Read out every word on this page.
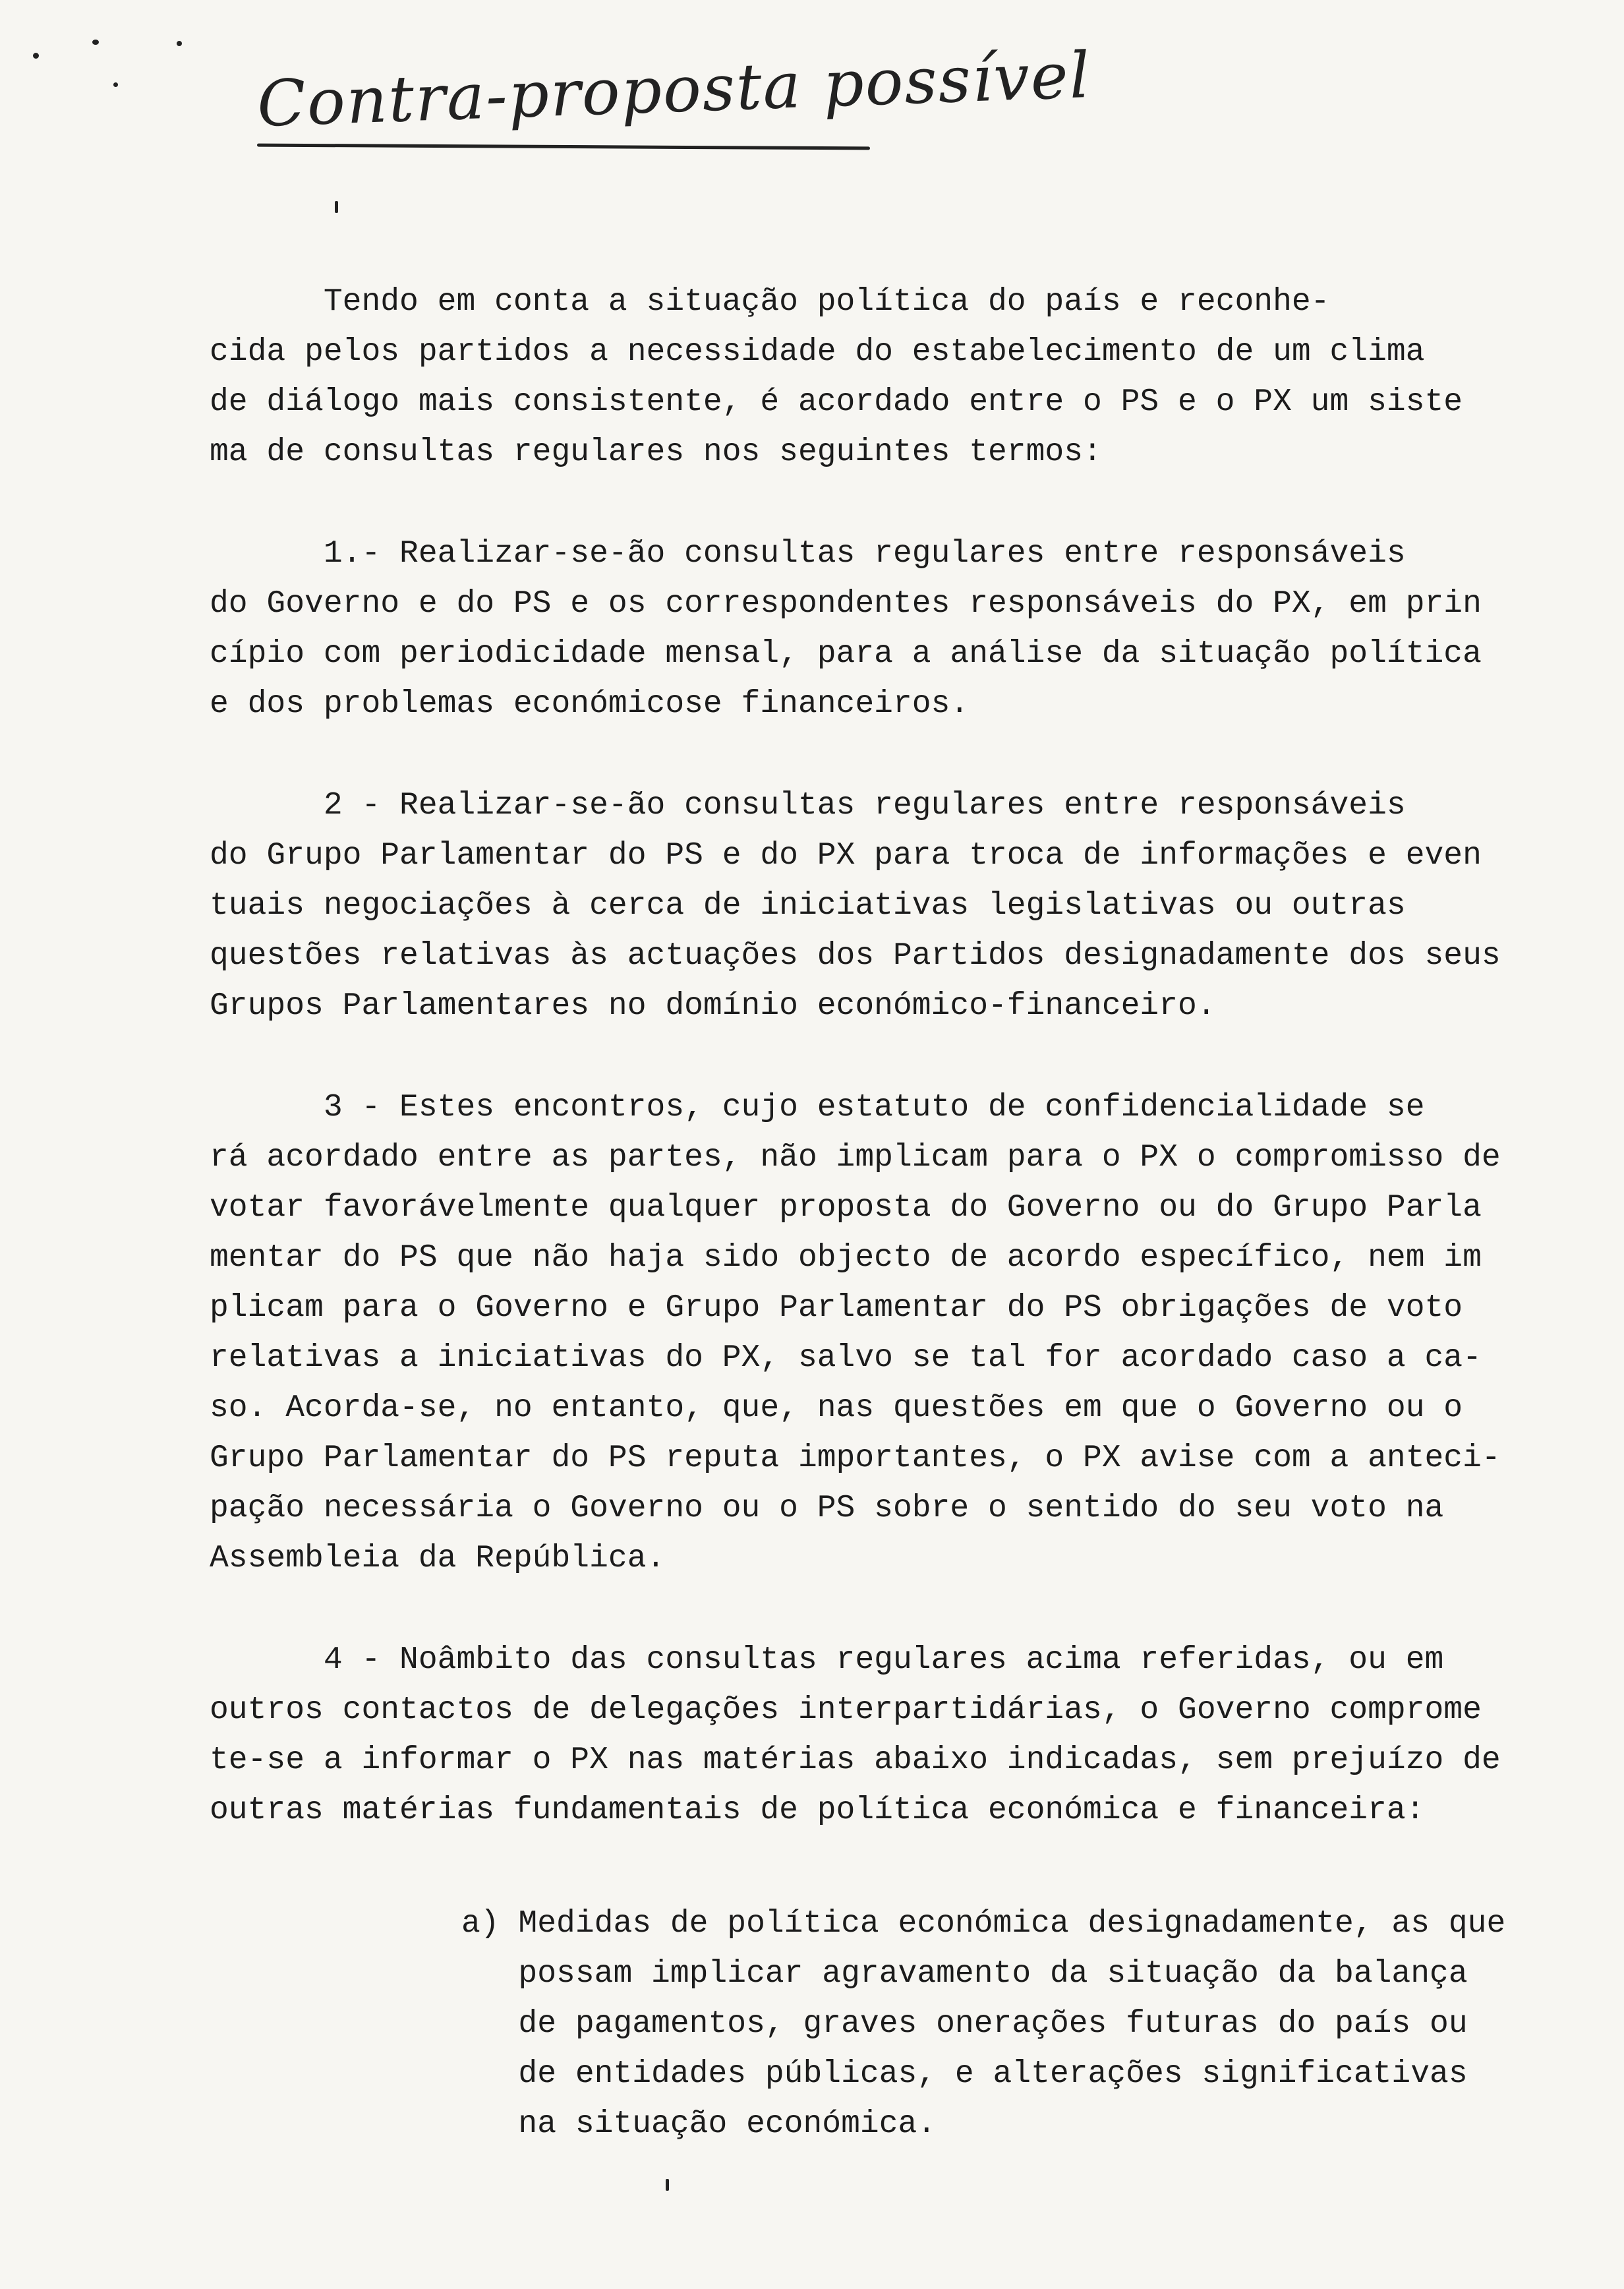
Contra-proposta possível

Tendo em conta a situação política do país e reconhe-

cida pelos partidos a necessidade do estabelecimento de um clima

de diálogo mais consistente, é acordado entre o PS e o PX um siste

ma de consultas regulares nos seguintes termos:

1.- Realizar-se-ão consultas regulares entre responsáveis

do Governo e do PS e os correspondentes responsáveis do PX, em prin

cípio com periodicidade mensal, para a análise da situação política

e dos problemas económicose financeiros.

2 - Realizar-se-ão consultas regulares entre responsáveis

do Grupo Parlamentar do PS e do PX para troca de informações e even

tuais negociações à cerca de iniciativas legislativas ou outras

questões relativas às actuações dos Partidos designadamente dos seus

Grupos Parlamentares no domínio económico-financeiro.

3 - Estes encontros, cujo estatuto de confidencialidade se

rá acordado entre as partes, não implicam para o PX o compromisso de

votar favorávelmente qualquer proposta do Governo ou do Grupo Parla

mentar do PS que não haja sido objecto de acordo específico, nem im

plicam para o Governo e Grupo Parlamentar do PS obrigações de voto

relativas a iniciativas do PX, salvo se tal for acordado caso a ca-

so. Acorda-se, no entanto, que, nas questões em que o Governo ou o

Grupo Parlamentar do PS reputa importantes, o PX avise com a anteci-

pação necessária o Governo ou o PS sobre o sentido do seu voto na

Assembleia da República.

4 - Noâmbito das consultas regulares acima referidas, ou em

outros contactos de delegações interpartidárias, o Governo comprome

te-se a informar o PX nas matérias abaixo indicadas, sem prejuízo de

outras matérias fundamentais de política económica e financeira:

a) Medidas de política económica designadamente, as que

possam implicar agravamento da situação da balança

de pagamentos, graves onerações futuras do país ou

de entidades públicas, e alterações significativas

na situação económica.
